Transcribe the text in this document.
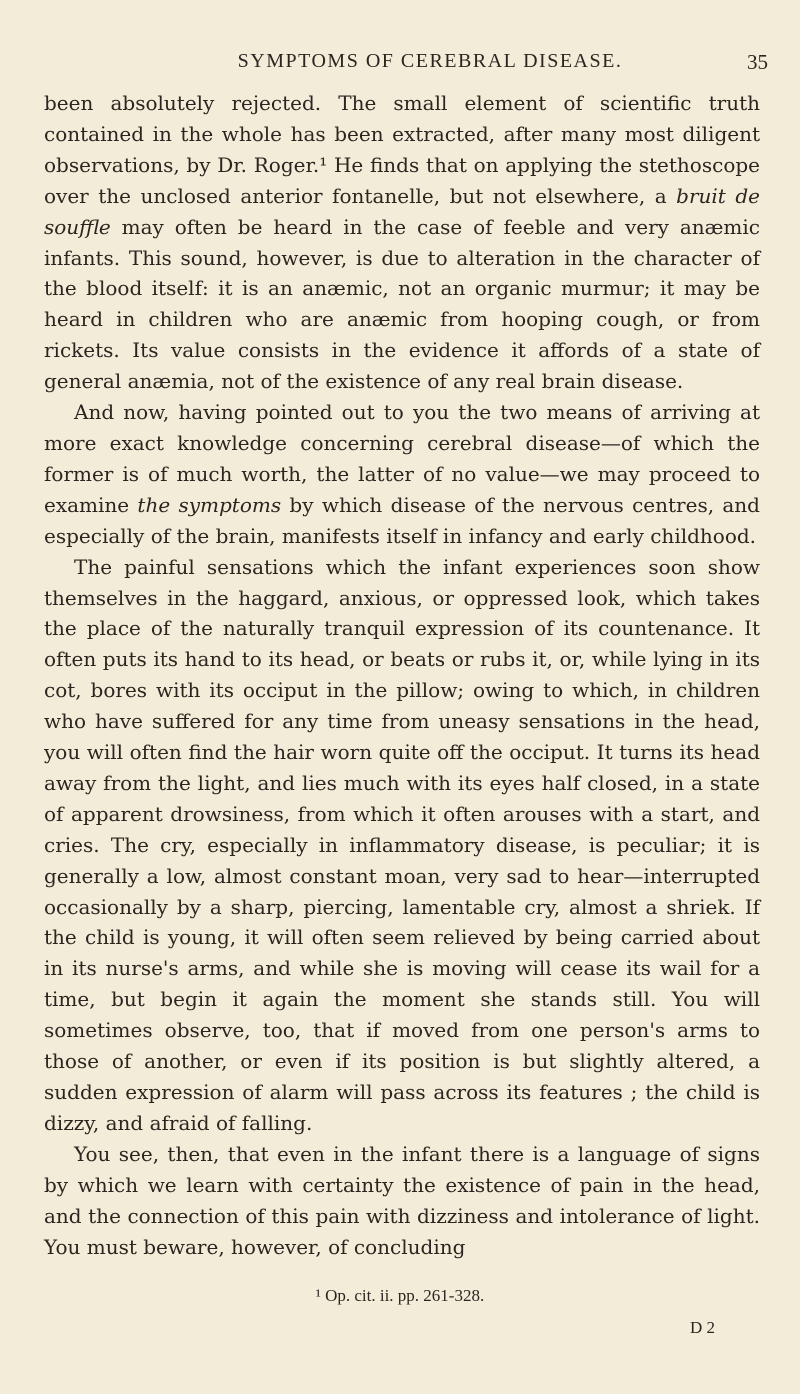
SYMPTOMS OF CEREBRAL DISEASE.	35

been absolutely rejected. The small element of scientific truth contained in the whole has been extracted, after many most diligent observations, by Dr. Roger.¹ He finds that on applying the stethoscope over the unclosed anterior fontanelle, but not elsewhere, a bruit de souffle may often be heard in the case of feeble and very anæmic infants. This sound, however, is due to alteration in the character of the blood itself: it is an anæmic, not an organic murmur; it may be heard in children who are anæmic from hooping cough, or from rickets. Its value consists in the evidence it affords of a state of general anæmia, not of the existence of any real brain disease.

And now, having pointed out to you the two means of arriving at more exact knowledge concerning cerebral disease—of which the former is of much worth, the latter of no value—we may proceed to examine the symptoms by which disease of the nervous centres, and especially of the brain, manifests itself in infancy and early childhood.

The painful sensations which the infant experiences soon show themselves in the haggard, anxious, or oppressed look, which takes the place of the naturally tranquil expression of its countenance. It often puts its hand to its head, or beats or rubs it, or, while lying in its cot, bores with its occiput in the pillow; owing to which, in children who have suffered for any time from uneasy sensations in the head, you will often find the hair worn quite off the occiput. It turns its head away from the light, and lies much with its eyes half closed, in a state of apparent drowsiness, from which it often arouses with a start, and cries. The cry, especially in inflammatory disease, is peculiar; it is generally a low, almost constant moan, very sad to hear—interrupted occasionally by a sharp, piercing, lamentable cry, almost a shriek. If the child is young, it will often seem relieved by being carried about in its nurse's arms, and while she is moving will cease its wail for a time, but begin it again the moment she stands still. You will sometimes observe, too, that if moved from one person's arms to those of another, or even if its position is but slightly altered, a sudden expression of alarm will pass across its features ; the child is dizzy, and afraid of falling.

You see, then, that even in the infant there is a language of signs by which we learn with certainty the existence of pain in the head, and the connection of this pain with dizziness and intolerance of light. You must beware, however, of concluding

¹ Op. cit. ii. pp. 261-328.
D 2
